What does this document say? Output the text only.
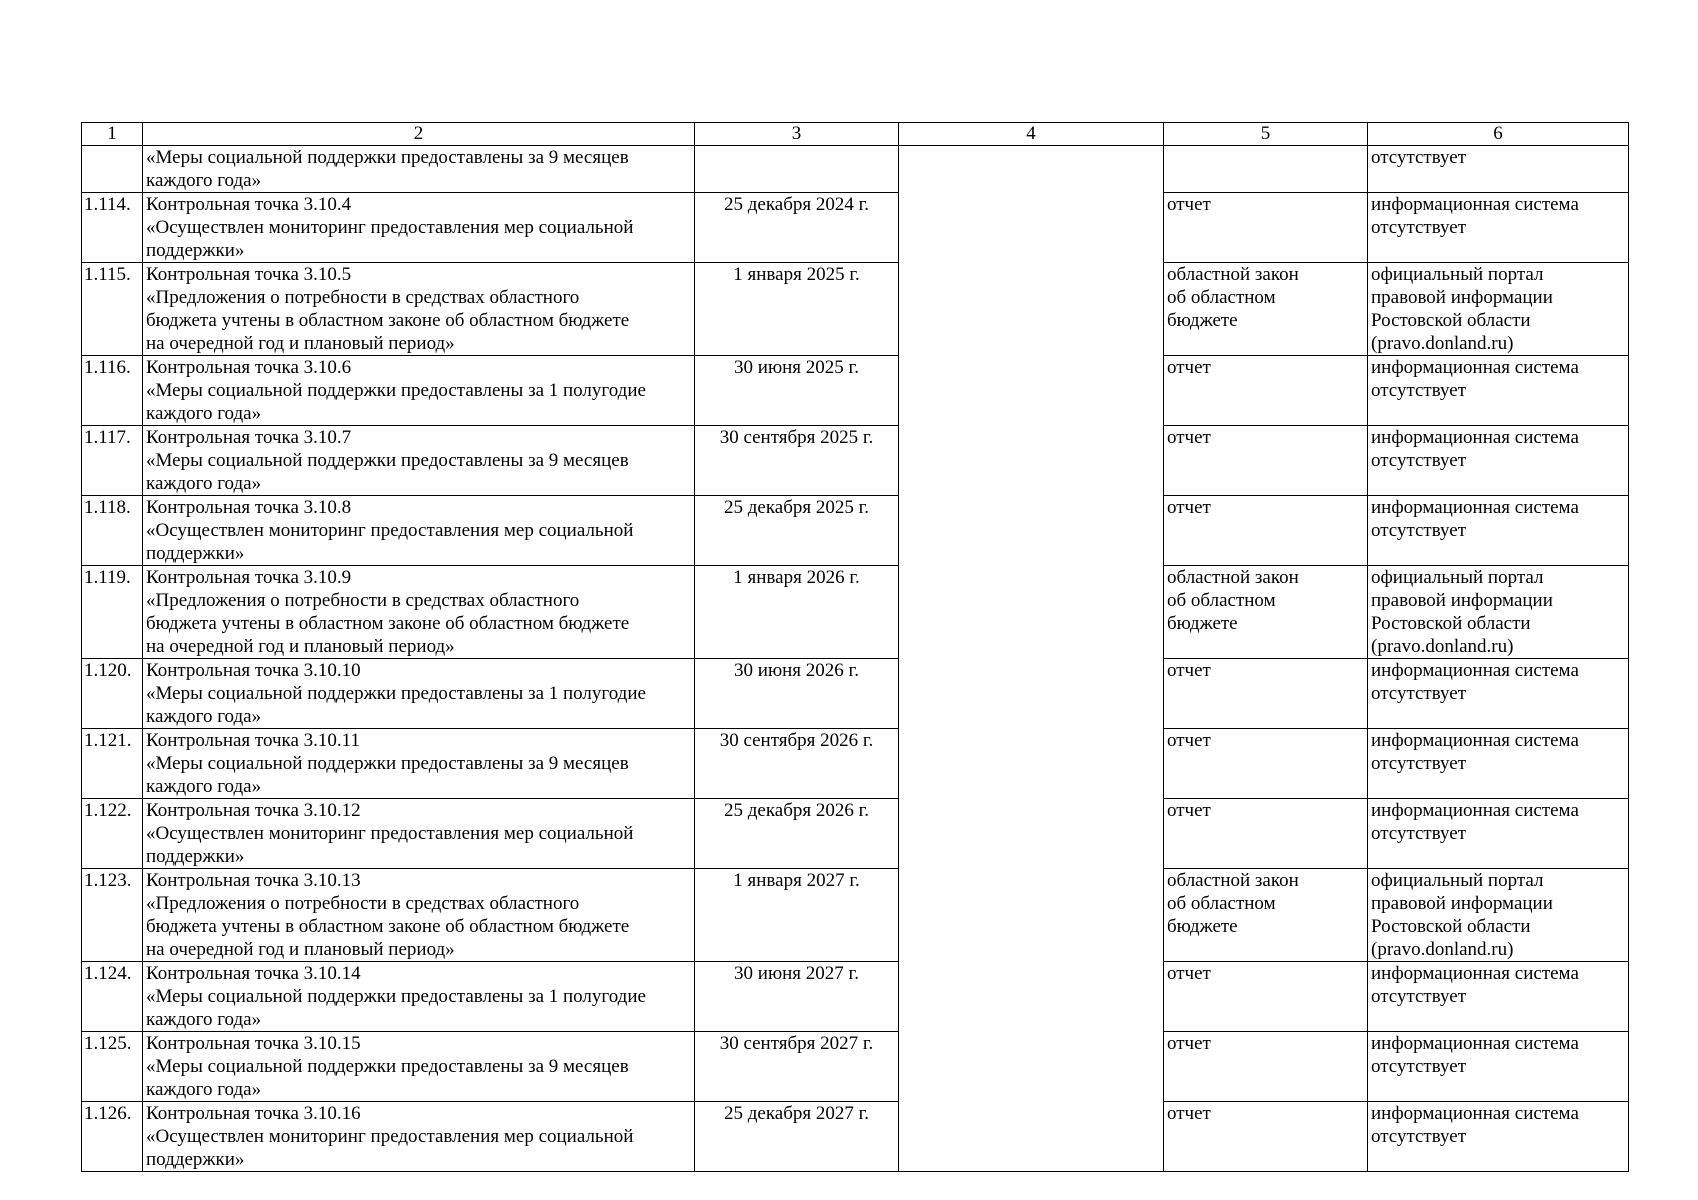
1	2	3	4	5	6
	«Меры социальной поддержки предоставлены за 9 месяцев
каждого года»				отсутствует
1.114.	Контрольная точка 3.10.4
«Осуществлен мониторинг предоставления мер социальной
поддержки»	25 декабря 2024 г.		отчет	информационная система
отсутствует
1.115.	Контрольная точка 3.10.5
«Предложения о потребности в средствах областного
бюджета учтены в областном законе об областном бюджете
на очередной год и плановый период»	1 января 2025 г.		областной закон
об областном
бюджете	официальный портал
правовой информации
Ростовской области
(pravo.donland.ru)
1.116.	Контрольная точка 3.10.6
«Меры социальной поддержки предоставлены за 1 полугодие
каждого года»	30 июня 2025 г.		отчет	информационная система
отсутствует
1.117.	Контрольная точка 3.10.7
«Меры социальной поддержки предоставлены за 9 месяцев
каждого года»	30 сентября 2025 г.		отчет	информационная система
отсутствует
1.118.	Контрольная точка 3.10.8
«Осуществлен мониторинг предоставления мер социальной
поддержки»	25 декабря 2025 г.		отчет	информационная система
отсутствует
1.119.	Контрольная точка 3.10.9
«Предложения о потребности в средствах областного
бюджета учтены в областном законе об областном бюджете
на очередной год и плановый период»	1 января 2026 г.		областной закон
об областном
бюджете	официальный портал
правовой информации
Ростовской области
(pravo.donland.ru)
1.120.	Контрольная точка 3.10.10
«Меры социальной поддержки предоставлены за 1 полугодие
каждого года»	30 июня 2026 г.		отчет	информационная система
отсутствует
1.121.	Контрольная точка 3.10.11
«Меры социальной поддержки предоставлены за 9 месяцев
каждого года»	30 сентября 2026 г.		отчет	информационная система
отсутствует
1.122.	Контрольная точка 3.10.12
«Осуществлен мониторинг предоставления мер социальной
поддержки»	25 декабря 2026 г.		отчет	информационная система
отсутствует
1.123.	Контрольная точка 3.10.13
«Предложения о потребности в средствах областного
бюджета учтены в областном законе об областном бюджете
на очередной год и плановый период»	1 января 2027 г.		областной закон
об областном
бюджете	официальный портал
правовой информации
Ростовской области
(pravo.donland.ru)
1.124.	Контрольная точка 3.10.14
«Меры социальной поддержки предоставлены за 1 полугодие
каждого года»	30 июня 2027 г.		отчет	информационная система
отсутствует
1.125.	Контрольная точка 3.10.15
«Меры социальной поддержки предоставлены за 9 месяцев
каждого года»	30 сентября 2027 г.		отчет	информационная система
отсутствует
1.126.	Контрольная точка 3.10.16
«Осуществлен мониторинг предоставления мер социальной
поддержки»	25 декабря 2027 г.		отчет	информационная система
отсутствует
